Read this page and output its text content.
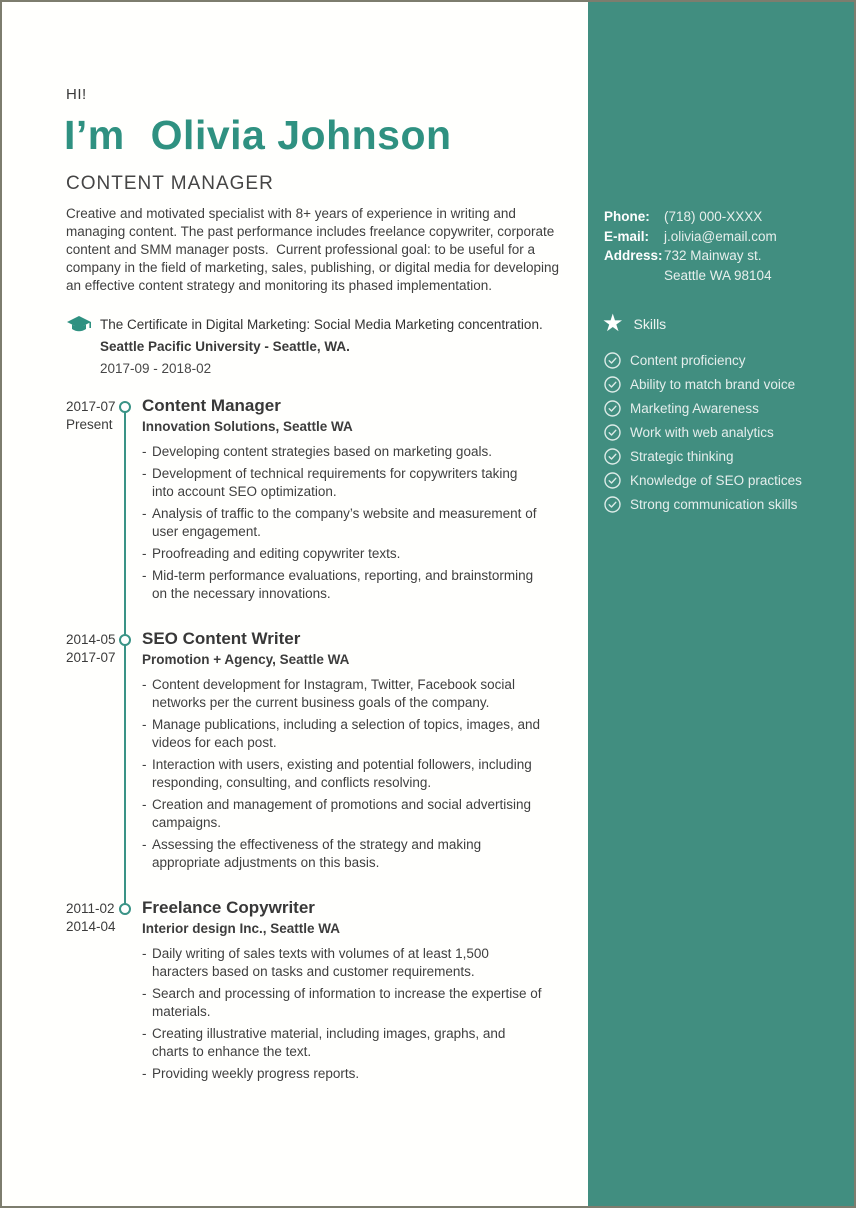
HI!
I’m Olivia Johnson
CONTENT MANAGER
Creative and motivated specialist with 8+ years of experience in writing and managing content. The past performance includes freelance copywriter, corporate content and SMM manager posts.  Current professional goal: to be useful for a company in the field of marketing, sales, publishing, or digital media for developing an effective content strategy and monitoring its phased implementation.
The Certificate in Digital Marketing: Social Media Marketing concentration.
Seattle Pacific University - Seattle, WA.
2017-09 - 2018-02
2017-07
Present
Content Manager
Innovation Solutions, Seattle WA
- Developing content strategies based on marketing goals.
- Development of technical requirements for copywriters taking into account SEO optimization.
- Analysis of traffic to the company’s website and measurement of user engagement.
- Proofreading and editing copywriter texts.
- Mid-term performance evaluations, reporting, and brainstorming on the necessary innovations.
2014-05
2017-07
SEO Content Writer
Promotion + Agency, Seattle WA
- Content development for Instagram, Twitter, Facebook social networks per the current business goals of the company.
- Manage publications, including a selection of topics, images, and videos for each post.
- Interaction with users, existing and potential followers, including responding, consulting, and conflicts resolving.
- Creation and management of promotions and social advertising campaigns.
- Assessing the effectiveness of the strategy and making appropriate adjustments on this basis.
2011-02
2014-04
Freelance Copywriter
Interior design Inc., Seattle WA
- Daily writing of sales texts with volumes of at least 1,500 haracters based on tasks and customer requirements.
- Search and processing of information to increase the expertise of materials.
- Creating illustrative material, including images, graphs, and charts to enhance the text.
- Providing weekly progress reports.
Phone:	(718) 000-XXXX
E-mail:	j.olivia@email.com
Address: 732 Mainway st.
Seattle WA 98104
★ Skills
Content proficiency
Ability to match brand voice
Marketing Awareness
Work with web analytics
Strategic thinking
Knowledge of SEO practices
Strong communication skills
